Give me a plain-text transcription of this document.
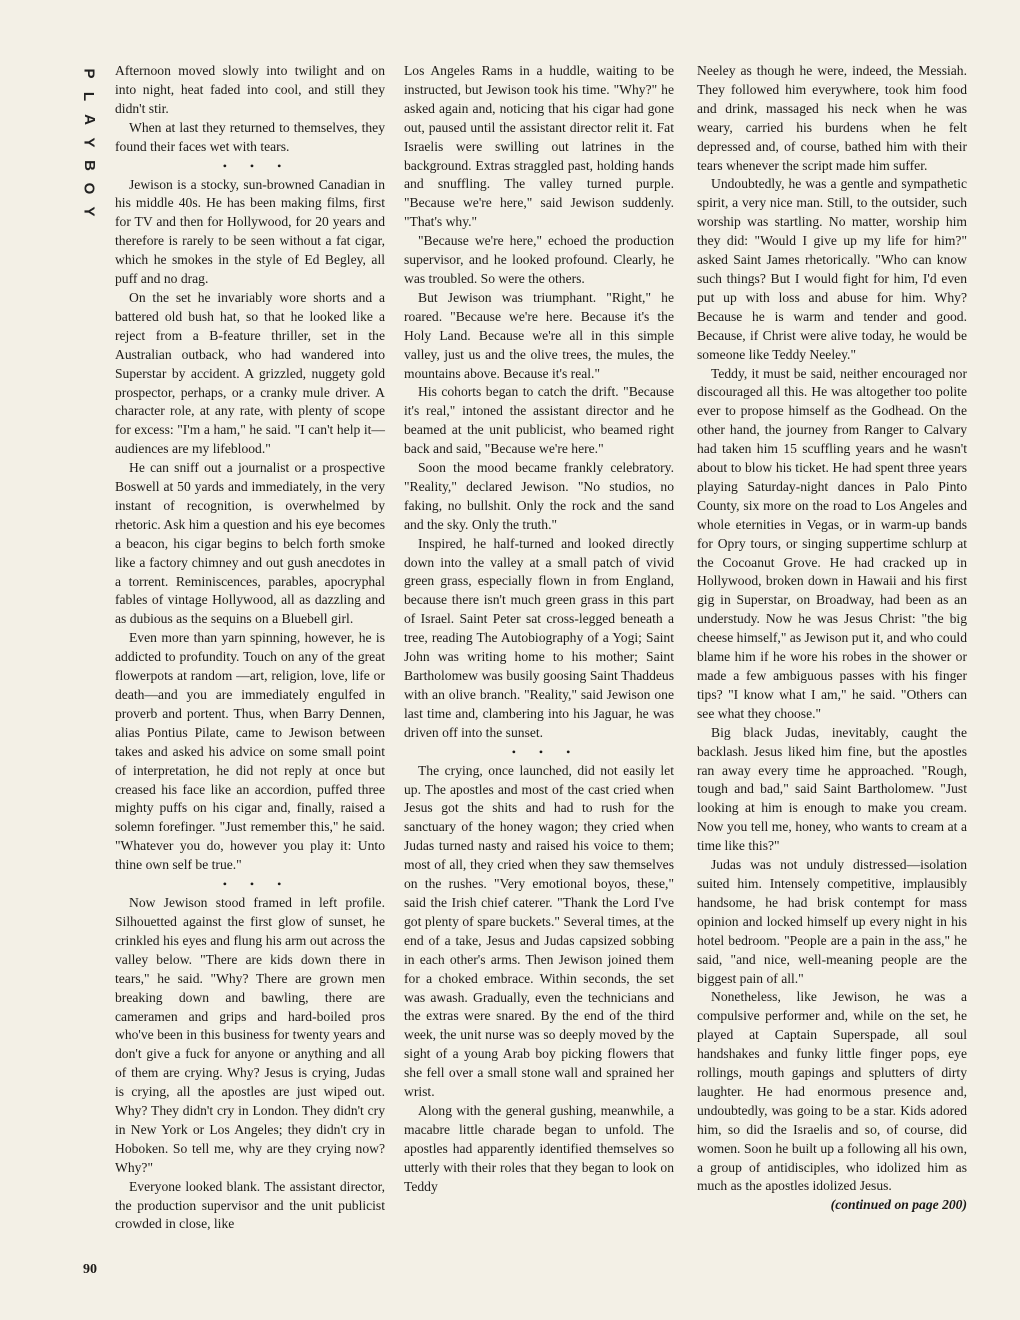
P
L
A
Y
B
O
Y

Afternoon moved slowly into twilight and on into night, heat faded into cool, and still they didn't stir.

When at last they returned to themselves, they found their faces wet with tears.

• • •

Jewison is a stocky, sun-browned Canadian in his middle 40s. He has been making films, first for TV and then for Hollywood, for 20 years and therefore is rarely to be seen without a fat cigar, which he smokes in the style of Ed Begley, all puff and no drag.

On the set he invariably wore shorts and a battered old bush hat, so that he looked like a reject from a B-feature thriller, set in the Australian outback, who had wandered into Superstar by accident. A grizzled, nuggety gold prospector, perhaps, or a cranky mule driver. A character role, at any rate, with plenty of scope for excess: "I'm a ham," he said. "I can't help it—audiences are my lifeblood."

He can sniff out a journalist or a prospective Boswell at 50 yards and immediately, in the very instant of recognition, is overwhelmed by rhetoric. Ask him a question and his eye becomes a beacon, his cigar begins to belch forth smoke like a factory chimney and out gush anecdotes in a torrent. Reminiscences, parables, apocryphal fables of vintage Hollywood, all as dazzling and as dubious as the sequins on a Bluebell girl.

Even more than yarn spinning, however, he is addicted to profundity. Touch on any of the great flowerpots at random —art, religion, love, life or death—and you are immediately engulfed in proverb and portent. Thus, when Barry Dennen, alias Pontius Pilate, came to Jewison between takes and asked his advice on some small point of interpretation, he did not reply at once but creased his face like an accordion, puffed three mighty puffs on his cigar and, finally, raised a solemn forefinger. "Just remember this," he said. "Whatever you do, however you play it: Unto thine own self be true."

• • •

Now Jewison stood framed in left profile. Silhouetted against the first glow of sunset, he crinkled his eyes and flung his arm out across the valley below. "There are kids down there in tears," he said. "Why? There are grown men breaking down and bawling, there are cameramen and grips and hard-boiled pros who've been in this business for twenty years and don't give a fuck for anyone or anything and all of them are crying. Why? Jesus is crying, Judas is crying, all the apostles are just wiped out. Why? They didn't cry in London. They didn't cry in New York or Los Angeles; they didn't cry in Hoboken. So tell me, why are they crying now? Why?"

Everyone looked blank. The assistant director, the production supervisor and the unit publicist crowded in close, like

Los Angeles Rams in a huddle, waiting to be instructed, but Jewison took his time. "Why?" he asked again and, noticing that his cigar had gone out, paused until the assistant director relit it. Fat Israelis were swilling out latrines in the background. Extras straggled past, holding hands and snuffling. The valley turned purple. "Because we're here," said Jewison suddenly. "That's why."

"Because we're here," echoed the production supervisor, and he looked profound. Clearly, he was troubled. So were the others.

But Jewison was triumphant. "Right," he roared. "Because we're here. Because it's the Holy Land. Because we're all in this simple valley, just us and the olive trees, the mules, the mountains above. Because it's real."

His cohorts began to catch the drift. "Because it's real," intoned the assistant director and he beamed at the unit publicist, who beamed right back and said, "Because we're here."

Soon the mood became frankly celebratory. "Reality," declared Jewison. "No studios, no faking, no bullshit. Only the rock and the sand and the sky. Only the truth."

Inspired, he half-turned and looked directly down into the valley at a small patch of vivid green grass, especially flown in from England, because there isn't much green grass in this part of Israel. Saint Peter sat cross-legged beneath a tree, reading The Autobiography of a Yogi; Saint John was writing home to his mother; Saint Bartholomew was busily goosing Saint Thaddeus with an olive branch. "Reality," said Jewison one last time and, clambering into his Jaguar, he was driven off into the sunset.

• • •

The crying, once launched, did not easily let up. The apostles and most of the cast cried when Jesus got the shits and had to rush for the sanctuary of the honey wagon; they cried when Judas turned nasty and raised his voice to them; most of all, they cried when they saw themselves on the rushes. "Very emotional boyos, these," said the Irish chief caterer. "Thank the Lord I've got plenty of spare buckets." Several times, at the end of a take, Jesus and Judas capsized sobbing in each other's arms. Then Jewison joined them for a choked embrace. Within seconds, the set was awash. Gradually, even the technicians and the extras were snared. By the end of the third week, the unit nurse was so deeply moved by the sight of a young Arab boy picking flowers that she fell over a small stone wall and sprained her wrist.

Along with the general gushing, meanwhile, a macabre little charade began to unfold. The apostles had apparently identified themselves so utterly with their roles that they began to look on Teddy

Neeley as though he were, indeed, the Messiah. They followed him everywhere, took him food and drink, massaged his neck when he was weary, carried his burdens when he felt depressed and, of course, bathed him with their tears whenever the script made him suffer.

Undoubtedly, he was a gentle and sympathetic spirit, a very nice man. Still, to the outsider, such worship was startling. No matter, worship him they did: "Would I give up my life for him?" asked Saint James rhetorically. "Who can know such things? But I would fight for him, I'd even put up with loss and abuse for him. Why? Because he is warm and tender and good. Because, if Christ were alive today, he would be someone like Teddy Neeley."

Teddy, it must be said, neither encouraged nor discouraged all this. He was altogether too polite ever to propose himself as the Godhead. On the other hand, the journey from Ranger to Calvary had taken him 15 scuffling years and he wasn't about to blow his ticket. He had spent three years playing Saturday-night dances in Palo Pinto County, six more on the road to Los Angeles and whole eternities in Vegas, or in warm-up bands for Opry tours, or singing suppertime schlurp at the Cocoanut Grove. He had cracked up in Hollywood, broken down in Hawaii and his first gig in Superstar, on Broadway, had been as an understudy. Now he was Jesus Christ: "the big cheese himself," as Jewison put it, and who could blame him if he wore his robes in the shower or made a few ambiguous passes with his finger tips? "I know what I am," he said. "Others can see what they choose."

Big black Judas, inevitably, caught the backlash. Jesus liked him fine, but the apostles ran away every time he approached. "Rough, tough and bad," said Saint Bartholomew. "Just looking at him is enough to make you cream. Now you tell me, honey, who wants to cream at a time like this?"

Judas was not unduly distressed—isolation suited him. Intensely competitive, implausibly handsome, he had brisk contempt for mass opinion and locked himself up every night in his hotel bedroom. "People are a pain in the ass," he said, "and nice, well-meaning people are the biggest pain of all."

Nonetheless, like Jewison, he was a compulsive performer and, while on the set, he played at Captain Superspade, all soul handshakes and funky little finger pops, eye rollings, mouth gapings and splutters of dirty laughter. He had enormous presence and, undoubtedly, was going to be a star. Kids adored him, so did the Israelis and so, of course, did women. Soon he built up a following all his own, a group of antidisciples, who idolized him as much as the apostles idolized Jesus.

(continued on page 200)

90
